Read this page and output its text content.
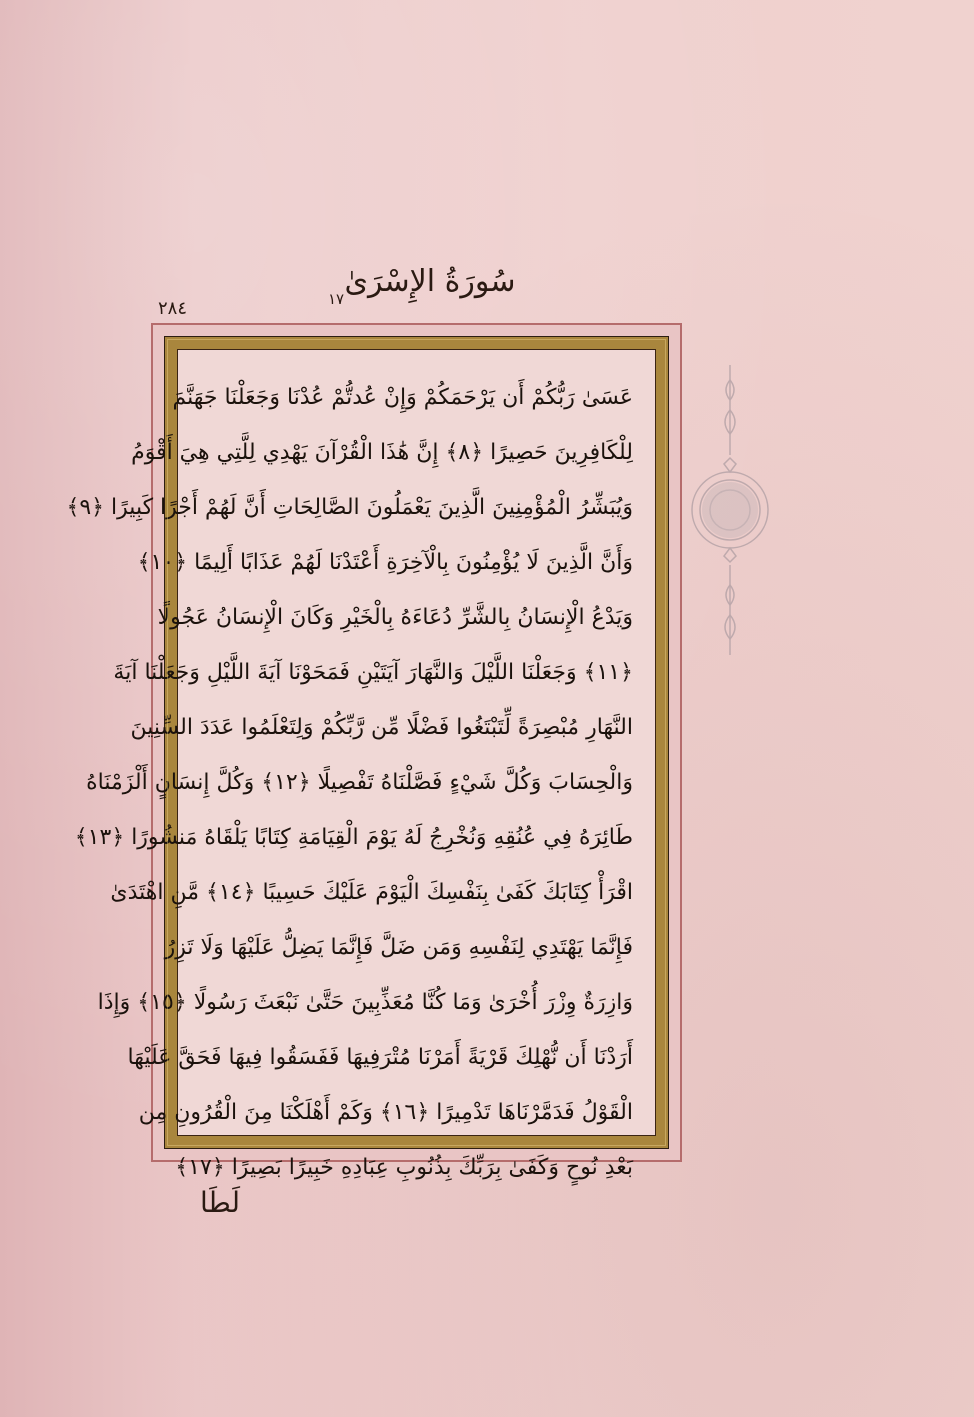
٢٨٤
سُورَةُ الإِسْرَىٰ
١٧
عَسَىٰ رَبُّكُمْ أَن يَرْحَمَكُمْ وَإِنْ عُدتُّمْ عُدْنَا وَجَعَلْنَا جَهَنَّمَ
لِلْكَافِرِينَ حَصِيرًا ﴿٨﴾ إِنَّ هَٰذَا الْقُرْآنَ يَهْدِي لِلَّتِي هِيَ أَقْوَمُ
وَيُبَشِّرُ الْمُؤْمِنِينَ الَّذِينَ يَعْمَلُونَ الصَّالِحَاتِ أَنَّ لَهُمْ أَجْرًا كَبِيرًا ﴿٩﴾
وَأَنَّ الَّذِينَ لَا يُؤْمِنُونَ بِالْآخِرَةِ أَعْتَدْنَا لَهُمْ عَذَابًا أَلِيمًا ﴿١٠﴾
وَيَدْعُ الْإِنسَانُ بِالشَّرِّ دُعَاءَهُ بِالْخَيْرِ وَكَانَ الْإِنسَانُ عَجُولًا
﴿١١﴾ وَجَعَلْنَا اللَّيْلَ وَالنَّهَارَ آيَتَيْنِ فَمَحَوْنَا آيَةَ اللَّيْلِ وَجَعَلْنَا آيَةَ
النَّهَارِ مُبْصِرَةً لِّتَبْتَغُوا فَضْلًا مِّن رَّبِّكُمْ وَلِتَعْلَمُوا عَدَدَ السِّنِينَ
وَالْحِسَابَ وَكُلَّ شَيْءٍ فَصَّلْنَاهُ تَفْصِيلًا ﴿١٢﴾ وَكُلَّ إِنسَانٍ أَلْزَمْنَاهُ
طَائِرَهُ فِي عُنُقِهِ وَنُخْرِجُ لَهُ يَوْمَ الْقِيَامَةِ كِتَابًا يَلْقَاهُ مَنشُورًا ﴿١٣﴾
اقْرَأْ كِتَابَكَ كَفَىٰ بِنَفْسِكَ الْيَوْمَ عَلَيْكَ حَسِيبًا ﴿١٤﴾ مَّنِ اهْتَدَىٰ
فَإِنَّمَا يَهْتَدِي لِنَفْسِهِ وَمَن ضَلَّ فَإِنَّمَا يَضِلُّ عَلَيْهَا وَلَا تَزِرُ
وَازِرَةٌ وِزْرَ أُخْرَىٰ وَمَا كُنَّا مُعَذِّبِينَ حَتَّىٰ نَبْعَثَ رَسُولًا ﴿١٥﴾ وَإِذَا
أَرَدْنَا أَن نُّهْلِكَ قَرْيَةً أَمَرْنَا مُتْرَفِيهَا فَفَسَقُوا فِيهَا فَحَقَّ عَلَيْهَا
الْقَوْلُ فَدَمَّرْنَاهَا تَدْمِيرًا ﴿١٦﴾ وَكَمْ أَهْلَكْنَا مِنَ الْقُرُونِ مِن
بَعْدِ نُوحٍ وَكَفَىٰ بِرَبِّكَ بِذُنُوبِ عِبَادِهِ خَبِيرًا بَصِيرًا ﴿١٧﴾
لَطَا
